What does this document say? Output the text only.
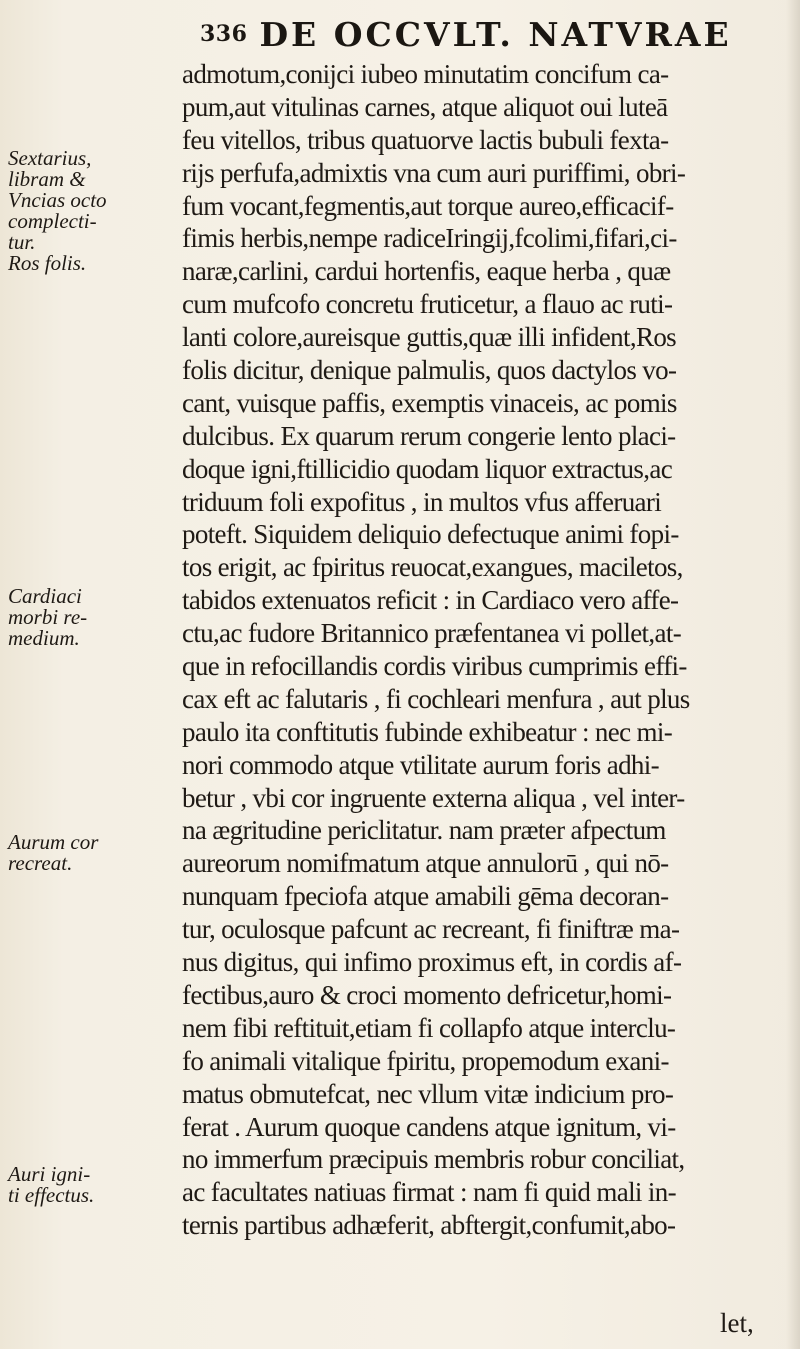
336 DE OCCVLT. NATVRAE
admotum,conijci iubeo minutatim concifum ca-
pum,aut vitulinas carnes, atque aliquot oui luteā
feu vitellos, tribus quatuorve lactis bubuli fexta-
rijs perfufa,admixtis vna cum auri puriffimi, obri-
fum vocant,fegmentis,aut torque aureo,efficacif-
fimis herbis,nempe radiceIringij,fcolimi,fifari,ci-
naræ,carlini, cardui hortenfis, eaque herba , quæ
cum mufcofo concretu fruticetur, a flauo ac ruti-
lanti colore,aureisque guttis,quæ illi infident,Ros
folis dicitur, denique palmulis, quos dactylos vo-
cant, vuisque paffis, exemptis vinaceis, ac pomis
dulcibus. Ex quarum rerum congerie lento placi-
doque igni,ftillicidio quodam liquor extractus,ac
triduum foli expofitus , in multos vfus afferuari
poteft. Siquidem deliquio defectuque animi fopi-
tos erigit, ac fpiritus reuocat,exangues, maciletos,
tabidos extenuatos reficit : in Cardiaco vero affe-
ctu,ac fudore Britannico præfentanea vi pollet,at-
que in refocillandis cordis viribus cumprimis effi-
cax eft ac falutaris , fi cochleari menfura , aut plus
paulo ita conftitutis fubinde exhibeatur : nec mi-
nori commodo atque vtilitate aurum foris adhi-
betur , vbi cor ingruente externa aliqua , vel inter-
na ægritudine periclitatur. nam præter afpectum
aureorum nomifmatum atque annulorū , qui nō-
nunquam fpeciofa atque amabili gēma decoran-
tur, oculosque pafcunt ac recreant, fi finiftræ ma-
nus digitus, qui infimo proximus eft, in cordis af-
fectibus,auro & croci momento defricetur,homi-
nem fibi reftituit,etiam fi collapfo atque interclu-
fo animali vitalique fpiritu, propemodum exani-
matus obmutefcat, nec vllum vitæ indicium pro-
ferat . Aurum quoque candens atque ignitum, vi-
no immerfum præcipuis membris robur conciliat,
ac facultates natiuas firmat : nam fi quid mali in-
ternis partibus adhæferit, abftergit,confumit,abo-
Sextarius,
libram &
Vncias octo
complecti-
tur.
Ros folis.
Cardiaci
morbi re-
medium.
Aurum cor
recreat.
Auri igni-
ti effectus.
let,
